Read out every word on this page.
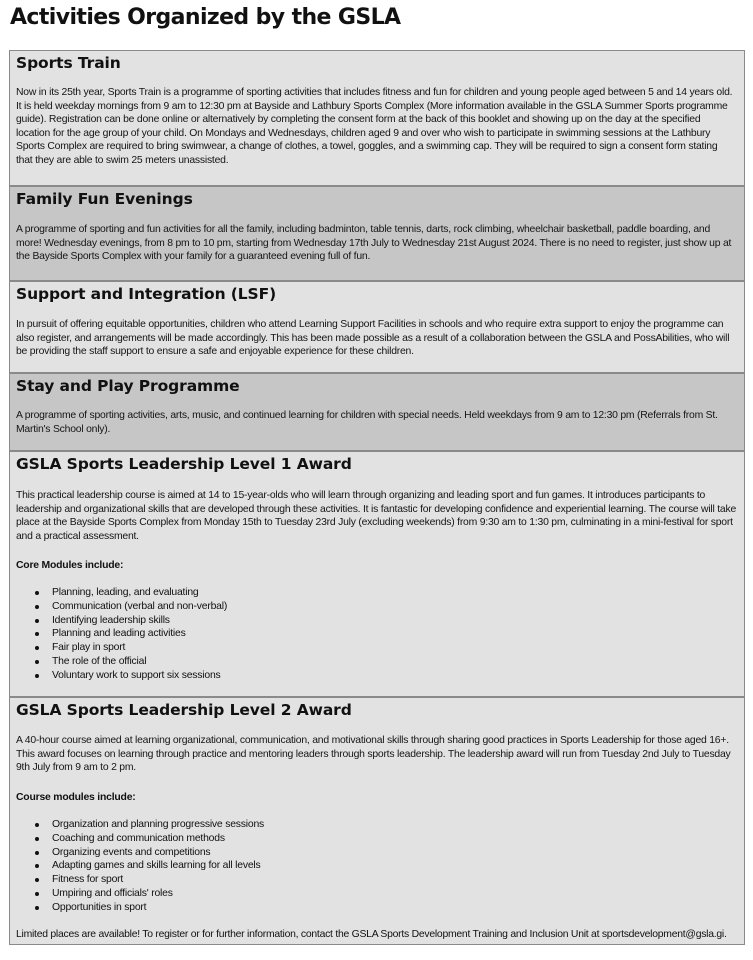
Activities Organized by the GSLA
Sports Train

Now in its 25th year, Sports Train is a programme of sporting activities that includes fitness and fun for children and young people aged between 5 and 14 years old. It is held weekday mornings from 9 am to 12:30 pm at Bayside and Lathbury Sports Complex (More information available in the GSLA Summer Sports programme guide). Registration can be done online or alternatively by completing the consent form at the back of this booklet and showing up on the day at the specified location for the age group of your child. On Mondays and Wednesdays, children aged 9 and over who wish to participate in swimming sessions at the Lathbury Sports Complex are required to bring swimwear, a change of clothes, a towel, goggles, and a swimming cap. They will be required to sign a consent form stating that they are able to swim 25 meters unassisted.

Family Fun Evenings

A programme of sporting and fun activities for all the family, including badminton, table tennis, darts, rock climbing, wheelchair basketball, paddle boarding, and more! Wednesday evenings, from 8 pm to 10 pm, starting from Wednesday 17th July to Wednesday 21st August 2024. There is no need to register, just show up at the Bayside Sports Complex with your family for a guaranteed evening full of fun.

Support and Integration (LSF)

In pursuit of offering equitable opportunities, children who attend Learning Support Facilities in schools and who require extra support to enjoy the programme can also register, and arrangements will be made accordingly. This has been made possible as a result of a collaboration between the GSLA and PossAbilities, who will be providing the staff support to ensure a safe and enjoyable experience for these children.

Stay and Play Programme

A programme of sporting activities, arts, music, and continued learning for children with special needs. Held weekdays from 9 am to 12:30 pm (Referrals from St. Martin's School only).

GSLA Sports Leadership Level 1 Award

This practical leadership course is aimed at 14 to 15-year-olds who will learn through organizing and leading sport and fun games. It introduces participants to leadership and organizational skills that are developed through these activities. It is fantastic for developing confidence and experiential learning. The course will take place at the Bayside Sports Complex from Monday 15th to Tuesday 23rd July (excluding weekends) from 9:30 am to 1:30 pm, culminating in a mini-festival for sport and a practical assessment.

Core Modules include:

Planning, leading, and evaluating
Communication (verbal and non-verbal)
Identifying leadership skills
Planning and leading activities
Fair play in sport
The role of the official
Voluntary work to support six sessions
GSLA Sports Leadership Level 2 Award

A 40-hour course aimed at learning organizational, communication, and motivational skills through sharing good practices in Sports Leadership for those aged 16+. This award focuses on learning through practice and mentoring leaders through sports leadership. The leadership award will run from Tuesday 2nd July to Tuesday 9th July from 9 am to 2 pm.

Course modules include:

Organization and planning progressive sessions
Coaching and communication methods
Organizing events and competitions
Adapting games and skills learning for all levels
Fitness for sport
Umpiring and officials' roles
Opportunities in sport

Limited places are available! To register or for further information, contact the GSLA Sports Development Training and Inclusion Unit at sportsdevelopment@gsla.gi.
